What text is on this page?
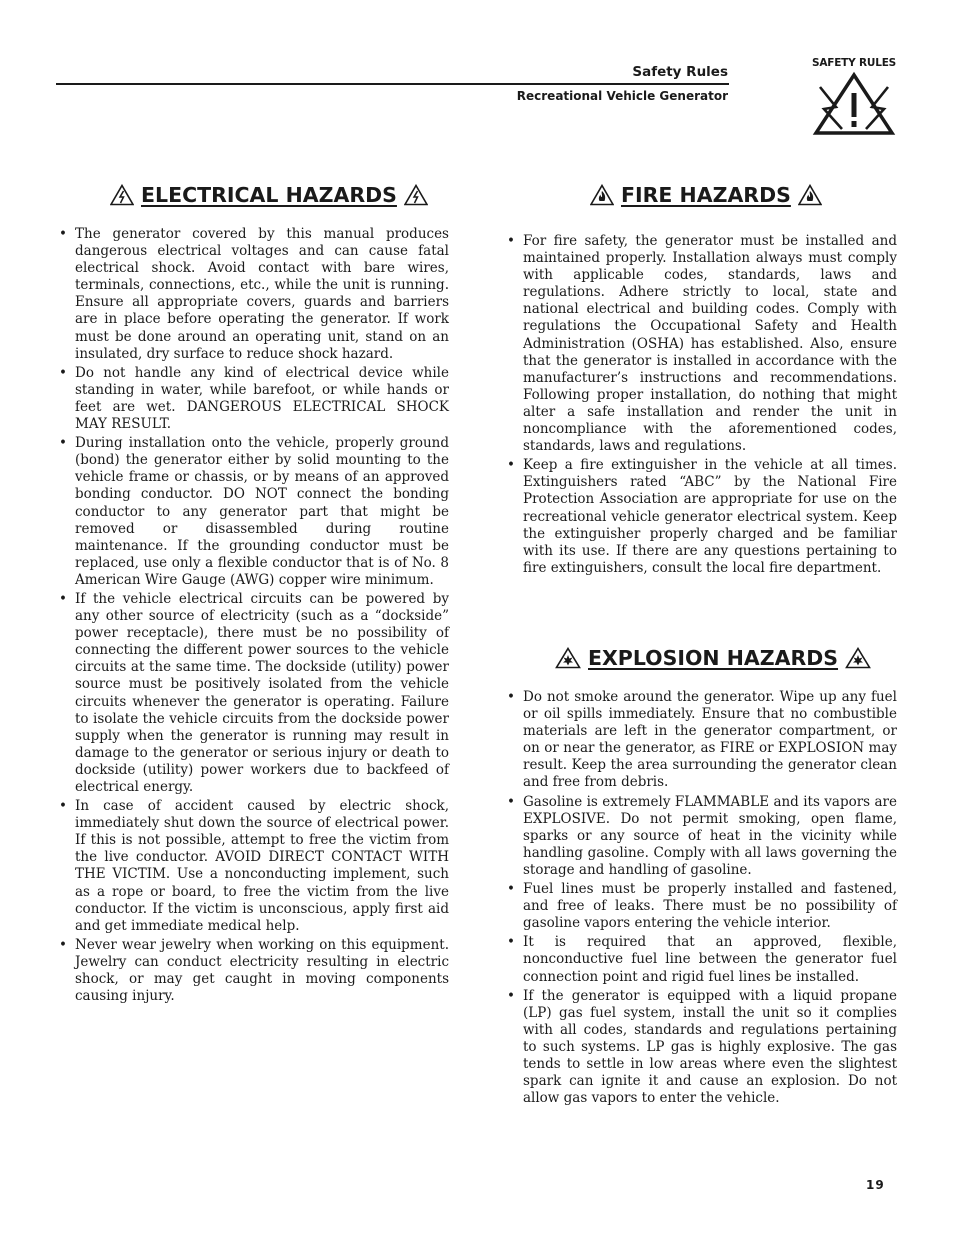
Safety Rules
Recreational Vehicle Generator
SAFETY RULES
ELECTRICAL HAZARDS
• The generator covered by this manual produces dangerous electrical voltages and can cause fatal electrical shock. Avoid contact with bare wires, terminals, connections, etc., while the unit is running. Ensure all appropriate covers, guards and barriers are in place before operating the generator. If work must be done around an operating unit, stand on an insulated, dry surface to reduce shock hazard.
• Do not handle any kind of electrical device while standing in water, while barefoot, or while hands or feet are wet. DANGEROUS ELECTRICAL SHOCK MAY RESULT.
• During installation onto the vehicle, properly ground (bond) the generator either by solid mounting to the vehicle frame or chassis, or by means of an approved bonding conductor. DO NOT connect the bonding conductor to any generator part that might be removed or disassembled during routine maintenance. If the grounding conductor must be replaced, use only a flexible conductor that is of No. 8 American Wire Gauge (AWG) copper wire minimum.
• If the vehicle electrical circuits can be powered by any other source of electricity (such as a “dockside” power receptacle), there must be no possibility of connecting the different power sources to the vehicle circuits at the same time. The dockside (utility) power source must be positively isolated from the vehicle circuits whenever the generator is operating. Failure to isolate the vehicle circuits from the dockside power supply when the generator is running may result in damage to the generator or serious injury or death to dockside (utility) power workers due to backfeed of electrical energy.
• In case of accident caused by electric shock, immediately shut down the source of electrical power. If this is not possible, attempt to free the victim from the live conductor. AVOID DIRECT CONTACT WITH THE VICTIM. Use a nonconducting implement, such as a rope or board, to free the victim from the live conductor. If the victim is unconscious, apply first aid and get immediate medical help.
• Never wear jewelry when working on this equipment. Jewelry can conduct electricity resulting in electric shock, or may get caught in moving components causing injury.
FIRE HAZARDS
• For fire safety, the generator must be installed and maintained properly. Installation always must comply with applicable codes, standards, laws and regulations. Adhere strictly to local, state and national electrical and building codes. Comply with regulations the Occupational Safety and Health Administration (OSHA) has established. Also, ensure that the generator is installed in accordance with the manufacturer’s instructions and recommendations. Following proper installation, do nothing that might alter a safe installation and render the unit in noncompliance with the aforementioned codes, standards, laws and regulations.
• Keep a fire extinguisher in the vehicle at all times. Extinguishers rated “ABC” by the National Fire Protection Association are appropriate for use on the recreational vehicle generator electrical system. Keep the extinguisher properly charged and be familiar with its use. If there are any questions pertaining to fire extinguishers, consult the local fire department.
EXPLOSION HAZARDS
• Do not smoke around the generator. Wipe up any fuel or oil spills immediately. Ensure that no combustible materials are left in the generator compartment, or on or near the generator, as FIRE or EXPLOSION may result. Keep the area surrounding the generator clean and free from debris.
• Gasoline is extremely FLAMMABLE and its vapors are EXPLOSIVE. Do not permit smoking, open flame, sparks or any source of heat in the vicinity while handling gasoline. Comply with all laws governing the storage and handling of gasoline.
• Fuel lines must be properly installed and fastened, and free of leaks. There must be no possibility of gasoline vapors entering the vehicle interior.
• It is required that an approved, flexible, nonconductive fuel line between the generator fuel connection point and rigid fuel lines be installed.
• If the generator is equipped with a liquid propane (LP) gas fuel system, install the unit so it complies with all codes, standards and regulations pertaining to such systems. LP gas is highly explosive. The gas tends to settle in low areas where even the slightest spark can ignite it and cause an explosion. Do not allow gas vapors to enter the vehicle.
19
